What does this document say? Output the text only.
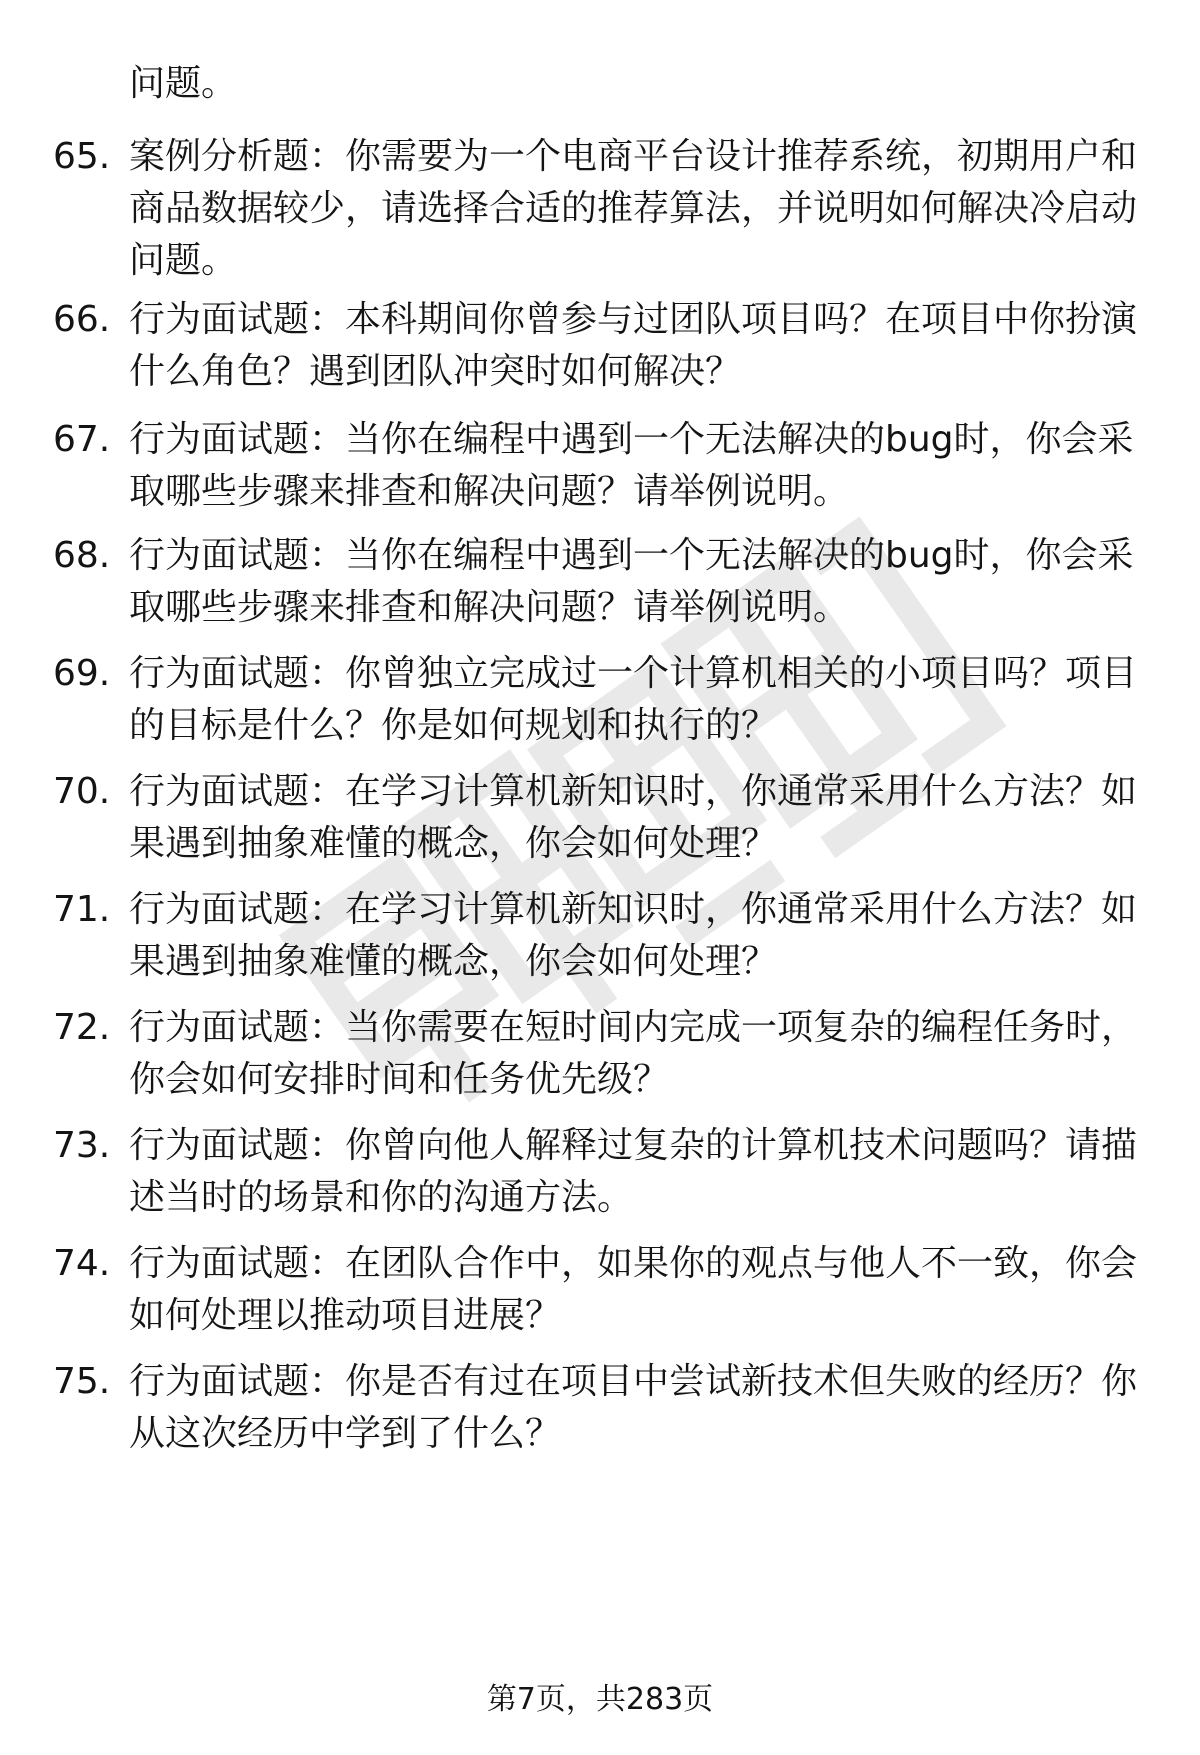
问题。
65. 案例分析题：你需要为一个电商平台设计推荐系统，初期用户和
商品数据较少，请选择合适的推荐算法，并说明如何解决冷启动
问题。
66. 行为面试题：本科期间你曾参与过团队项目吗？在项目中你扮演
什么角色？遇到团队冲突时如何解决？
67. 行为面试题：当你在编程中遇到一个无法解决的bug时，你会采
取哪些步骤来排查和解决问题？请举例说明。
68. 行为面试题：当你在编程中遇到一个无法解决的bug时，你会采
取哪些步骤来排查和解决问题？请举例说明。
69. 行为面试题：你曾独立完成过一个计算机相关的小项目吗？项目
的目标是什么？你是如何规划和执行的？
70. 行为面试题：在学习计算机新知识时，你通常采用什么方法？如
果遇到抽象难懂的概念，你会如何处理？
71. 行为面试题：在学习计算机新知识时，你通常采用什么方法？如
果遇到抽象难懂的概念，你会如何处理？
72. 行为面试题：当你需要在短时间内完成一项复杂的编程任务时，
你会如何安排时间和任务优先级？
73. 行为面试题：你曾向他人解释过复杂的计算机技术问题吗？请描
述当时的场景和你的沟通方法。
74. 行为面试题：在团队合作中，如果你的观点与他人不一致，你会
如何处理以推动项目进展？
75. 行为面试题：你是否有过在项目中尝试新技术但失败的经历？你
从这次经历中学到了什么？
第7页，共283页
